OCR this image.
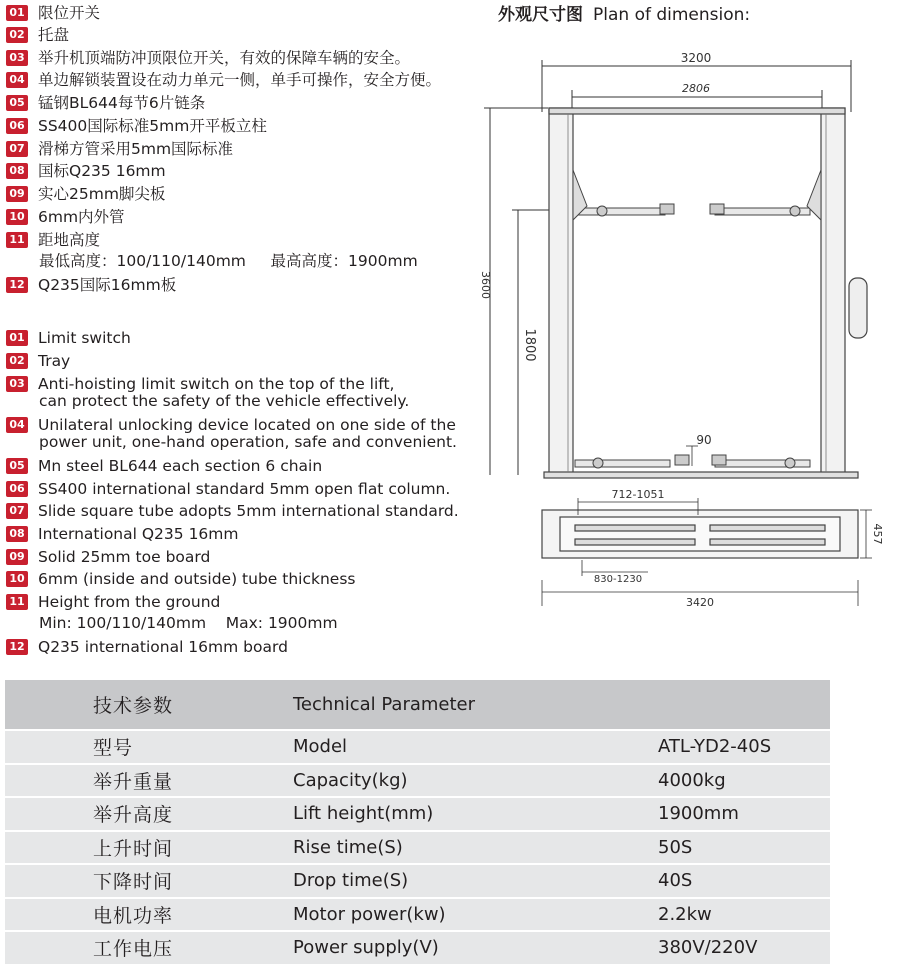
01 限位开关
02 托盘
03 举升机顶端防冲顶限位开关，有效的保障车辆的安全。
04 单边解锁装置设在动力单元一侧，单手可操作，安全方便。
05 锰钢BL644每节6片链条
06 SS400国际标准5mm开平板立柱
07 滑梯方管采用5mm国际标准
08 国标Q235 16mm
09 实心25mm脚尖板
10 6mm内外管
11 距地高度
最低高度：100/110/140mm     最高高度：1900mm
12 Q235国际16mm板
01 Limit switch
02 Tray
03 Anti-hoisting limit switch on the top of the lift,
can protect the safety of the vehicle effectively.
04 Unilateral unlocking device located on one side of the
power unit, one-hand operation, safe and convenient.
05 Mn steel BL644 each section 6 chain
06 SS400 international standard 5mm open flat column.
07 Slide square tube adopts 5mm international standard.
08 International Q235 16mm
09 Solid 25mm toe board
10 6mm (inside and outside) tube thickness
11 Height from the ground
Min: 100/110/140mm    Max: 1900mm
12 Q235 international 16mm board
外观尺寸图 Plan of dimension:
3200
2806
3600
1800
90
712-1051
457
830-1230
3420
技术参数	Technical Parameter	
型号	Model	ATL-YD2-40S
举升重量	Capacity(kg)	4000kg
举升高度	Lift height(mm)	1900mm
上升时间	Rise time(S)	50S
下降时间	Drop time(S)	40S
电机功率	Motor power(kw)	2.2kw
工作电压	Power supply(V)	380V/220V
